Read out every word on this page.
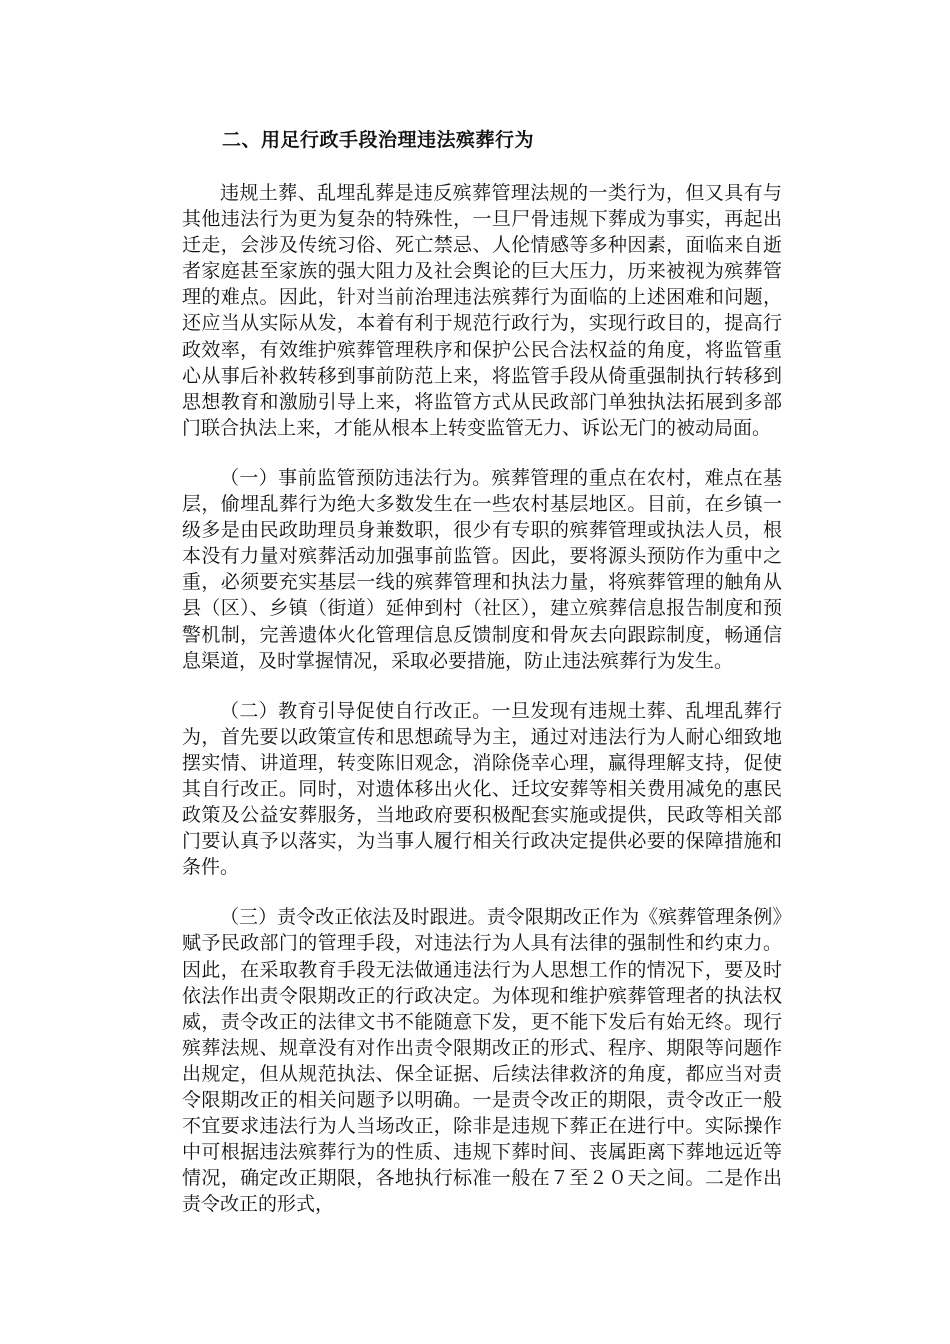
二、用足行政手段治理违法殡葬行为

违规土葬、乱埋乱葬是违反殡葬管理法规的一类行为，但又具有与其他违法行为更为复杂的特殊性，一旦尸骨违规下葬成为事实，再起出迁走，会涉及传统习俗、死亡禁忌、人伦情感等多种因素，面临来自逝者家庭甚至家族的强大阻力及社会舆论的巨大压力，历来被视为殡葬管理的难点。因此，针对当前治理违法殡葬行为面临的上述困难和问题，还应当从实际从发，本着有利于规范行政行为，实现行政目的，提高行政效率，有效维护殡葬管理秩序和保护公民合法权益的角度，将监管重心从事后补救转移到事前防范上来，将监管手段从倚重强制执行转移到思想教育和激励引导上来，将监管方式从民政部门单独执法拓展到多部门联合执法上来，才能从根本上转变监管无力、诉讼无门的被动局面。

（一）事前监管预防违法行为。殡葬管理的重点在农村，难点在基层，偷埋乱葬行为绝大多数发生在一些农村基层地区。目前，在乡镇一级多是由民政助理员身兼数职，很少有专职的殡葬管理或执法人员，根本没有力量对殡葬活动加强事前监管。因此，要将源头预防作为重中之重，必须要充实基层一线的殡葬管理和执法力量，将殡葬管理的触角从县（区）、乡镇（街道）延伸到村（社区），建立殡葬信息报告制度和预警机制，完善遗体火化管理信息反馈制度和骨灰去向跟踪制度，畅通信息渠道，及时掌握情况，采取必要措施，防止违法殡葬行为发生。

（二）教育引导促使自行改正。一旦发现有违规土葬、乱埋乱葬行为，首先要以政策宣传和思想疏导为主，通过对违法行为人耐心细致地摆实情、讲道理，转变陈旧观念，消除侥幸心理，赢得理解支持，促使其自行改正。同时，对遗体移出火化、迁坟安葬等相关费用减免的惠民政策及公益安葬服务，当地政府要积极配套实施或提供，民政等相关部门要认真予以落实，为当事人履行相关行政决定提供必要的保障措施和条件。

（三）责令改正依法及时跟进。责令限期改正作为《殡葬管理条例》赋予民政部门的管理手段，对违法行为人具有法律的强制性和约束力。因此，在采取教育手段无法做通违法行为人思想工作的情况下，要及时依法作出责令限期改正的行政决定。为体现和维护殡葬管理者的执法权威，责令改正的法律文书不能随意下发，更不能下发后有始无终。现行殡葬法规、规章没有对作出责令限期改正的形式、程序、期限等问题作出规定，但从规范执法、保全证据、后续法律救济的角度，都应当对责令限期改正的相关问题予以明确。一是责令改正的期限，责令改正一般不宜要求违法行为人当场改正，除非是违规下葬正在进行中。实际操作中可根据违法殡葬行为的性质、违规下葬时间、丧属距离下葬地远近等情况，确定改正期限，各地执行标准一般在７至２０天之间。二是作出责令改正的形式，
